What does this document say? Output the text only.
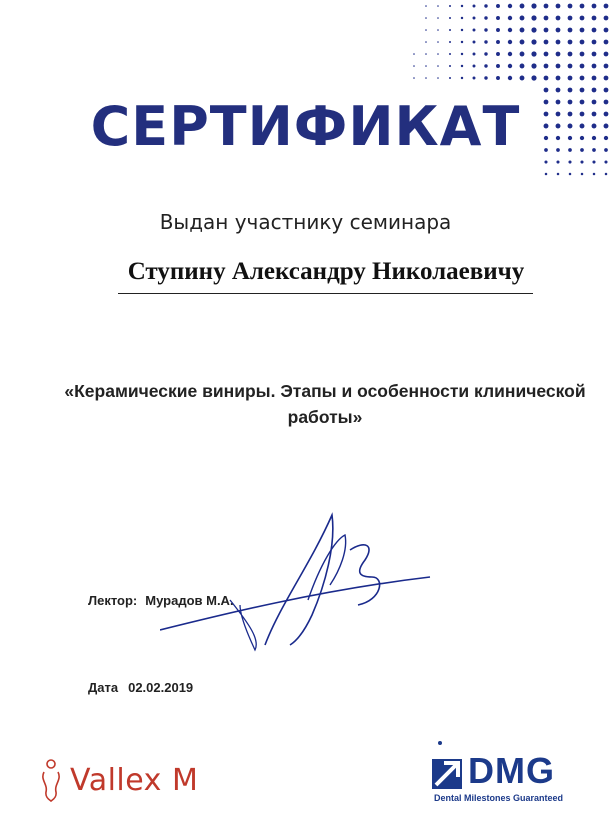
СЕРТИФИКАТ
Выдан участнику семинара
Ступину Александру Николаевичу
«Керамические виниры. Этапы и особенности клинической работы»
Лектор: Мурадов М.А.
Дата 02.02.2019
Vallex M	DMG
Dental Milestones Guaranteed
